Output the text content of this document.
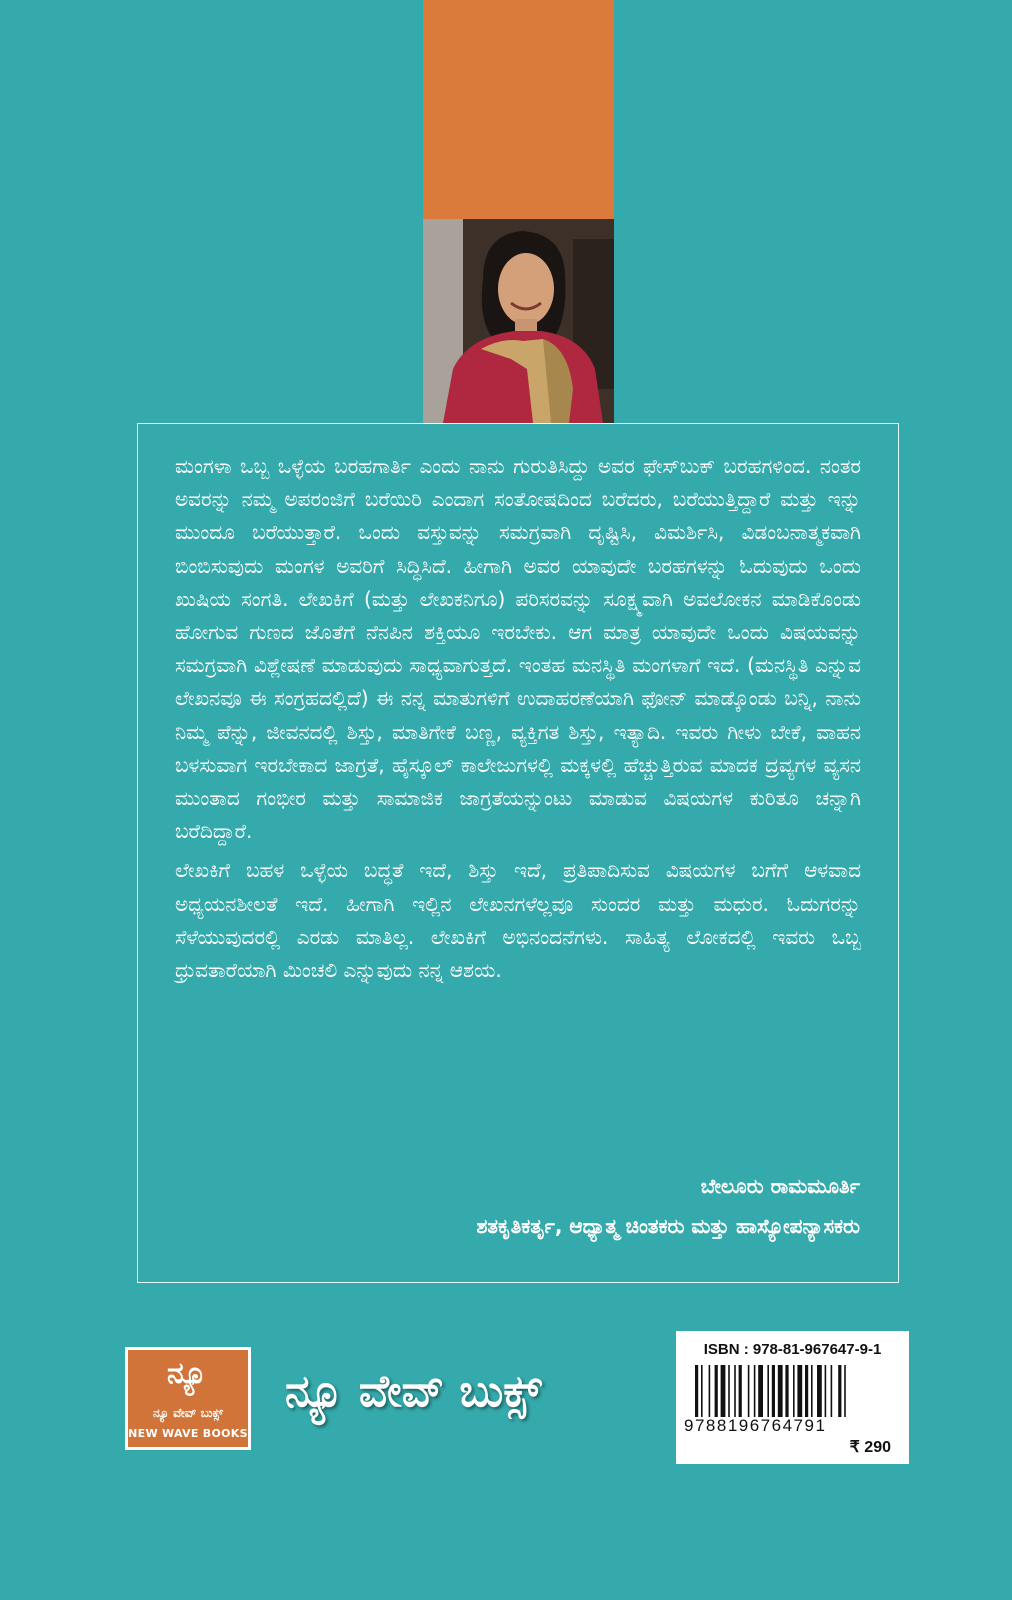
ಮಂಗಳಾ ಒಬ್ಬ ಒಳ್ಳೆಯ ಬರಹಗಾರ್ತಿ ಎಂದು ನಾನು ಗುರುತಿಸಿದ್ದು ಅವರ ಫೇಸ್‌ಬುಕ್ ಬರಹಗಳಿಂದ. ನಂತರ ಅವರನ್ನು ನಮ್ಮ ಅಪರಂಜಿಗೆ ಬರೆಯಿರಿ ಎಂದಾಗ ಸಂತೋಷದಿಂದ ಬರೆದರು, ಬರೆಯುತ್ತಿದ್ದಾರೆ ಮತ್ತು ಇನ್ನು ಮುಂದೂ ಬರೆಯುತ್ತಾರೆ. ಒಂದು ವಸ್ತುವನ್ನು ಸಮಗ್ರವಾಗಿ ದೃಷ್ಟಿಸಿ, ವಿಮರ್ಶಿಸಿ, ವಿಡಂಬನಾತ್ಮಕವಾಗಿ ಬಿಂಬಿಸುವುದು ಮಂಗಳ ಅವರಿಗೆ ಸಿದ್ಧಿಸಿದೆ. ಹೀಗಾಗಿ ಅವರ ಯಾವುದೇ ಬರಹಗಳನ್ನು ಓದುವುದು ಒಂದು ಖುಷಿಯ ಸಂಗತಿ. ಲೇಖಕಿಗೆ (ಮತ್ತು ಲೇಖಕನಿಗೂ) ಪರಿಸರವನ್ನು ಸೂಕ್ಷ್ಮವಾಗಿ ಅವಲೋಕನ ಮಾಡಿಕೊಂಡು ಹೋಗುವ ಗುಣದ ಜೊತೆಗೆ ನೆನಪಿನ ಶಕ್ತಿಯೂ ಇರಬೇಕು. ಆಗ ಮಾತ್ರ ಯಾವುದೇ ಒಂದು ವಿಷಯವನ್ನು ಸಮಗ್ರವಾಗಿ ವಿಶ್ಲೇಷಣೆ ಮಾಡುವುದು ಸಾಧ್ಯವಾಗುತ್ತದೆ. ಇಂತಹ ಮನಸ್ಥಿತಿ ಮಂಗಳಾಗೆ ಇದೆ. (ಮನಸ್ಥಿತಿ ಎನ್ನುವ ಲೇಖನವೂ ಈ ಸಂಗ್ರಹದಲ್ಲಿದೆ) ಈ ನನ್ನ ಮಾತುಗಳಿಗೆ ಉದಾಹರಣೆಯಾಗಿ ಫೋನ್ ಮಾಡ್ಕೊಂಡು ಬನ್ನಿ, ನಾನು ನಿಮ್ಮ ಪೆನ್ನು, ಜೀವನದಲ್ಲಿ ಶಿಸ್ತು, ಮಾತಿಗೇಕೆ ಬಣ್ಣ, ವ್ಯಕ್ತಿಗತ ಶಿಸ್ತು, ಇತ್ಯಾದಿ. ಇವರು ಗೀಳು ಬೇಕೆ, ವಾಹನ ಬಳಸುವಾಗ ಇರಬೇಕಾದ ಜಾಗ್ರತೆ, ಹೈಸ್ಕೂಲ್ ಕಾಲೇಜುಗಳಲ್ಲಿ ಮಕ್ಕಳಲ್ಲಿ ಹೆಚ್ಚುತ್ತಿರುವ ಮಾದಕ ದ್ರವ್ಯಗಳ ವ್ಯಸನ ಮುಂತಾದ ಗಂಭೀರ ಮತ್ತು ಸಾಮಾಜಿಕ ಜಾಗ್ರತೆಯನ್ನುಂಟು ಮಾಡುವ ವಿಷಯಗಳ ಕುರಿತೂ ಚನ್ನಾಗಿ ಬರೆದಿದ್ದಾರೆ.

ಲೇಖಕಿಗೆ ಬಹಳ ಒಳ್ಳೆಯ ಬದ್ಧತೆ ಇದೆ, ಶಿಸ್ತು ಇದೆ, ಪ್ರತಿಪಾದಿಸುವ ವಿಷಯಗಳ ಬಗೆಗೆ ಆಳವಾದ ಅಧ್ಯಯನಶೀಲತೆ ಇದೆ. ಹೀಗಾಗಿ ಇಲ್ಲಿನ ಲೇಖನಗಳೆಲ್ಲವೂ ಸುಂದರ ಮತ್ತು ಮಧುರ. ಓದುಗರನ್ನು ಸೆಳೆಯುವುದರಲ್ಲಿ ಎರಡು ಮಾತಿಲ್ಲ. ಲೇಖಕಿಗೆ ಅಭಿನಂದನೆಗಳು. ಸಾಹಿತ್ಯ ಲೋಕದಲ್ಲಿ ಇವರು ಒಬ್ಬ ಧ್ರುವತಾರೆಯಾಗಿ ಮಿಂಚಲಿ ಎನ್ನುವುದು ನನ್ನ ಆಶಯ.

ಬೇಲೂರು ರಾಮಮೂರ್ತಿ
ಶತಕೃತಿಕರ್ತೃ, ಆಧ್ಯಾತ್ಮ ಚಿಂತಕರು ಮತ್ತು ಹಾಸ್ಯೋಪನ್ಯಾಸಕರು
ನ್ಯೂ
ನ್ಯೂ ವೇವ್ ಬುಕ್ಸ್
NEW WAVE BOOKS
ನ್ಯೂ ವೇವ್ ಬುಕ್ಸ್
ISBN : 978-81-967647-9-1
9788196764791
₹ 290
